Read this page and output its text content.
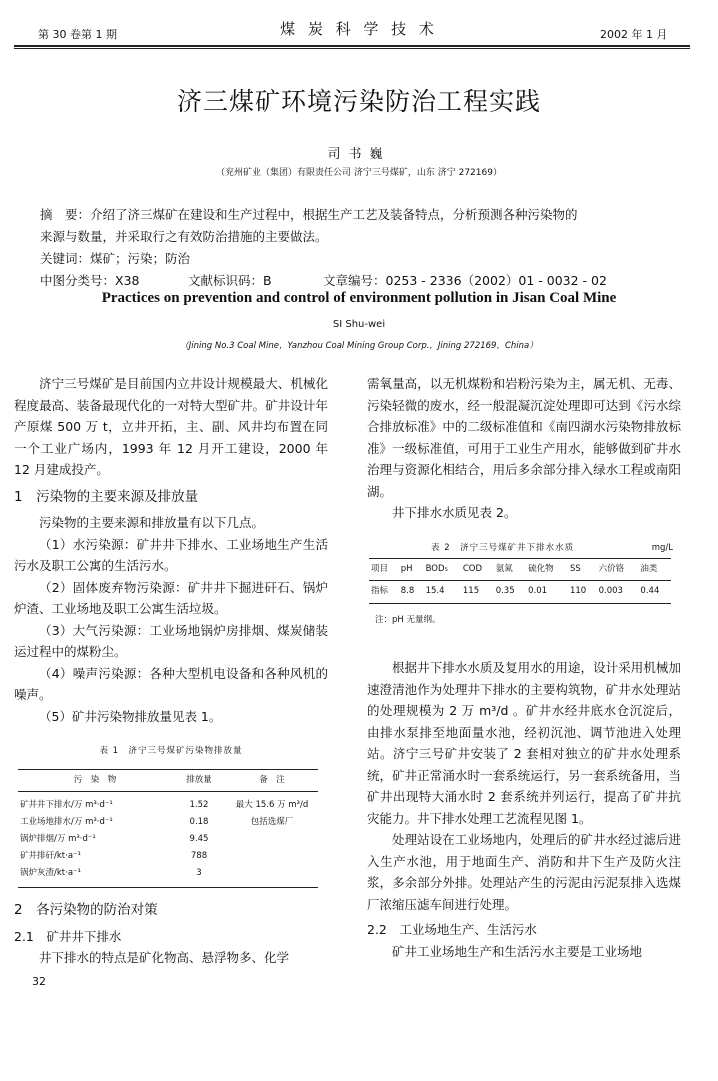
第 30 卷第 1 期	煤 炭 科 学 技 术	2002 年 1 月
济三煤矿环境污染防治工程实践
司书巍
（兖州矿业（集团）有限责任公司 济宁三号煤矿，山东 济宁 272169）

摘　要：介绍了济三煤矿在建设和生产过程中，根据生产工艺及装备特点，分析预测各种污染物的

来源与数量，并采取行之有效防治措施的主要做法。

关键词：煤矿；污染；防治

中图分类号：X38	文献标识码：B	文章编号：0253 - 2336（2002）01 - 0032 - 02
Practices on prevention and control of environment pollution in Jisan Coal Mine
SI Shu-wei
（Jining No.3 Coal Mine，Yanzhou Coal Mining Group Corp.，Jining 272169，China）

济宁三号煤矿是目前国内立井设计规模最大、机械化程度最高、装备最现代化的一对特大型矿井。矿井设计年产原煤 500 万 t，立井开拓，主、副、风井均布置在同一个工业广场内，1993 年 12 月开工建设，2000 年 12 月建成投产。

1　污染物的主要来源及排放量

污染物的主要来源和排放量有以下几点。

（1）水污染源：矿井井下排水、工业场地生产生活污水及职工公寓的生活污水。

（2）固体废弃物污染源：矿井井下掘进矸石、锅炉炉渣、工业场地及职工公寓生活垃圾。

（3）大气污染源：工业场地锅炉房排烟、煤炭储装运过程中的煤粉尘。

（4）噪声污染源：各种大型机电设备和各种风机的噪声。

（5）矿井污染物排放量见表 1。

表 1　济宁三号煤矿污染物排放量
污　染　物	排放量	备　注
矿井井下排水/万 m³·d⁻¹	1.52	最大 15.6 万 m³/d
工业场地排水/万 m³·d⁻¹	0.18	包括选煤厂
锅炉排烟/万 m³·d⁻¹	9.45	
矿井排矸/kt·a⁻¹	788	
锅炉灰渣/kt·a⁻¹	3	

2　各污染物的防治对策

2.1　矿井井下排水

井下排水的特点是矿化物高、悬浮物多、化学

需氧量高，以无机煤粉和岩粉污染为主，属无机、无毒、污染轻微的废水，经一般混凝沉淀处理即可达到《污水综合排放标准》中的二级标准值和《南四湖水污染物排放标准》一级标准值，可用于工业生产用水，能够做到矿井水治理与资源化相结合，用后多余部分排入绿水工程或南阳湖。

井下排水水质见表 2。

表 2　济宁三号煤矿井下排水水质	mg/L
项目	pH	BOD₅	COD	氨氮	硫化物	SS	六价铬	油类
指标	8.8	15.4	115	0.35	0.01	110	0.003	0.44
注：pH 无量纲。

根据井下排水水质及复用水的用途，设计采用机械加速澄清池作为处理井下排水的主要构筑物，矿井水处理站的处理规模为 2 万 m³/d 。矿井水经井底水仓沉淀后，由排水泵排至地面量水池，经初沉池、调节池进入处理站。济宁三号矿井安装了 2 套相对独立的矿井水处理系统，矿井正常涌水时一套系统运行，另一套系统备用，当矿井出现特大涌水时 2 套系统并列运行，提高了矿井抗灾能力。井下排水处理工艺流程见图 1。

处理站设在工业场地内，处理后的矿井水经过滤后进入生产水池，用于地面生产、消防和井下生产及防火注浆，多余部分外排。处理站产生的污泥由污泥泵排入选煤厂浓缩压滤车间进行处理。

2.2　工业场地生产、生活污水

矿井工业场地生产和生活污水主要是工业场地

32
